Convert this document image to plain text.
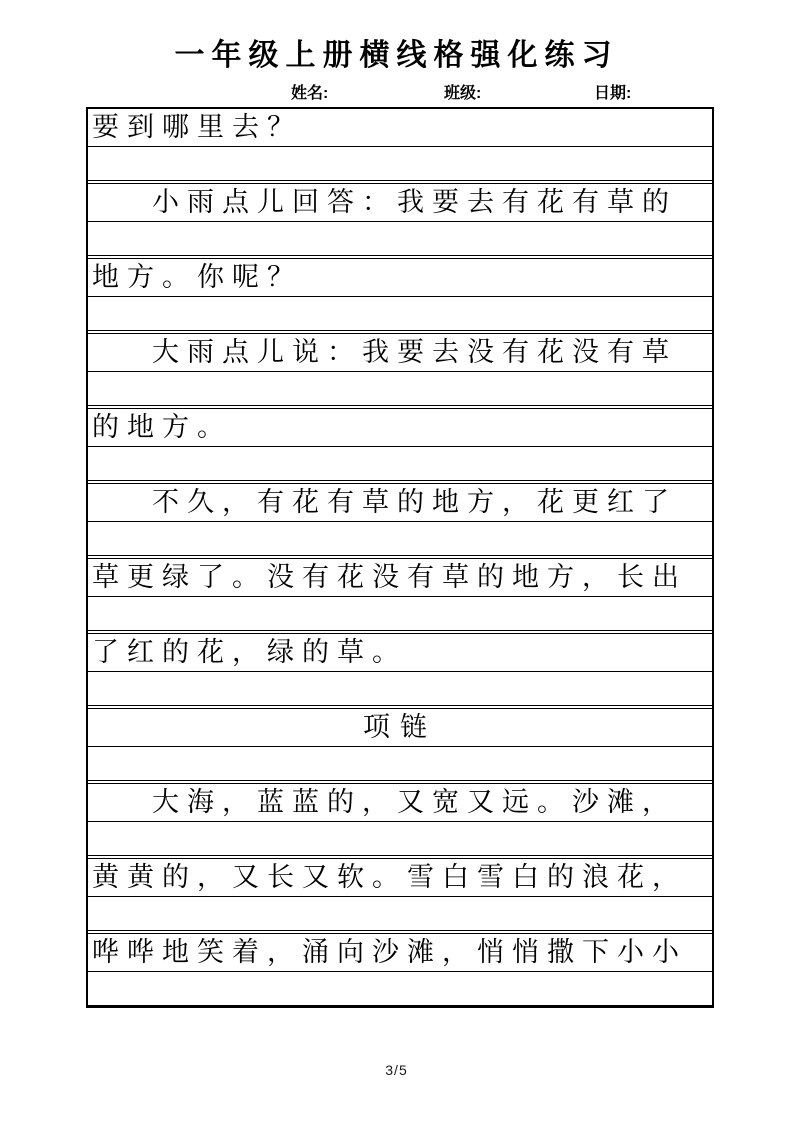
一年级上册横线格强化练习
姓名:	班级:	日期:
要到哪里去？
小雨点儿回答：我要去有花有草的
地方。你呢？
大雨点儿说：我要去没有花没有草
的地方。
不久，有花有草的地方，花更红了
草更绿了。没有花没有草的地方，长出
了红的花，绿的草。
项链
大海，蓝蓝的，又宽又远。沙滩，
黄黄的，又长又软。雪白雪白的浪花，
哗哗地笑着，涌向沙滩，悄悄撒下小小
3/5
